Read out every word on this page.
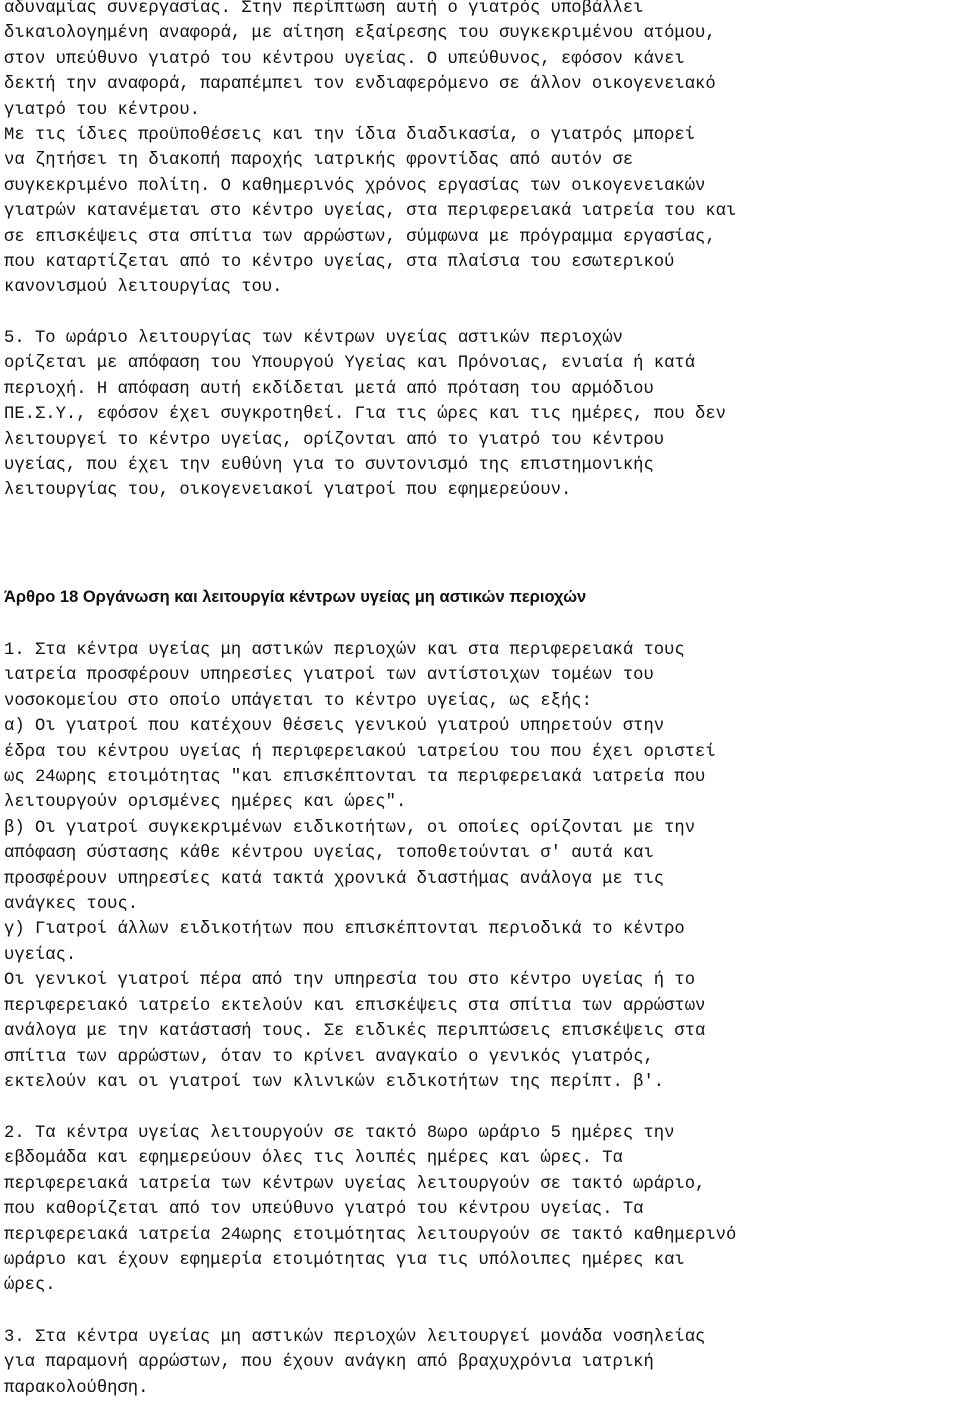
αδυναμίας συνεργασίας. Στην περίπτωση αυτή ο γιατρός υποβάλλει
δικαιολογημένη αναφορά, με αίτηση εξαίρεσης του συγκεκριμένου ατόμου,
στον υπεύθυνο γιατρό του κέντρου υγείας. Ο υπεύθυνος, εφόσον κάνει
δεκτή την αναφορά, παραπέμπει τον ενδιαφερόμενο σε άλλον οικογενειακό
γιατρό του κέντρου.
Με τις ίδιες προϋποθέσεις και την ίδια διαδικασία, ο γιατρός μπορεί
να ζητήσει τη διακοπή παροχής ιατρικής φροντίδας από αυτόν σε
συγκεκριμένο πολίτη. Ο καθημερινός χρόνος εργασίας των οικογενειακών
γιατρών κατανέμεται στο κέντρο υγείας, στα περιφερειακά ιατρεία του και
σε επισκέψεις στα σπίτια των αρρώστων, σύμφωνα με πρόγραμμα εργασίας,
που καταρτίζεται από το κέντρο υγείας, στα πλαίσια του εσωτερικού
κανονισμού λειτουργίας του.

5. Το ωράριο λειτουργίας των κέντρων υγείας αστικών περιοχών
ορίζεται με απόφαση του Υπουργού Υγείας και Πρόνοιας, ενιαία ή κατά
περιοχή. Η απόφαση αυτή εκδίδεται μετά από πρόταση του αρμόδιου
ΠΕ.Σ.Υ., εφόσον έχει συγκροτηθεί. Για τις ώρες και τις ημέρες, που δεν
λειτουργεί το κέντρο υγείας, ορίζονται από το γιατρό του κέντρου
υγείας, που έχει την ευθύνη για το συντονισμό της επιστημονικής
λειτουργίας του, οικογενειακοί γιατροί που εφημερεύουν.

Άρθρο 18 Οργάνωση και λειτουργία κέντρων υγείας μη αστικών περιοχών

1. Στα κέντρα υγείας μη αστικών περιοχών και στα περιφερειακά τους
ιατρεία προσφέρουν υπηρεσίες γιατροί των αντίστοιχων τομέων του
νοσοκομείου στο οποίο υπάγεται το κέντρο υγείας, ως εξής:
α) Οι γιατροί που κατέχουν θέσεις γενικού γιατρού υπηρετούν στην
έδρα του κέντρου υγείας ή περιφερειακού ιατρείου του που έχει οριστεί
ως 24ωρης ετοιμότητας "και επισκέπτονται τα περιφερειακά ιατρεία που
λειτουργούν ορισμένες ημέρες και ώρες".
β) Οι γιατροί συγκεκριμένων ειδικοτήτων, οι οποίες ορίζονται με την
απόφαση σύστασης κάθε κέντρου υγείας, τοποθετούνται σ' αυτά και
προσφέρουν υπηρεσίες κατά τακτά χρονικά διαστήμας ανάλογα με τις
ανάγκες τους.
γ) Γιατροί άλλων ειδικοτήτων που επισκέπτονται περιοδικά το κέντρο
υγείας.
Οι γενικοί γιατροί πέρα από την υπηρεσία του στο κέντρο υγείας ή το
περιφερειακό ιατρείο εκτελούν και επισκέψεις στα σπίτια των αρρώστων
ανάλογα με την κατάστασή τους. Σε ειδικές περιπτώσεις επισκέψεις στα
σπίτια των αρρώστων, όταν το κρίνει αναγκαίο ο γενικός γιατρός,
εκτελούν και οι γιατροί των κλινικών ειδικοτήτων της περίπτ. β'.

2. Τα κέντρα υγείας λειτουργούν σε τακτό 8ωρο ωράριο 5 ημέρες την
εβδομάδα και εφημερεύουν όλες τις λοιπές ημέρες και ώρες. Τα
περιφερειακά ιατρεία των κέντρων υγείας λειτουργούν σε τακτό ωράριο,
που καθορίζεται από τον υπεύθυνο γιατρό του κέντρου υγείας. Τα
περιφερειακά ιατρεία 24ωρης ετοιμότητας λειτουργούν σε τακτό καθημερινό
ωράριο και έχουν εφημερία ετοιμότητας για τις υπόλοιπες ημέρες και
ώρες.

3. Στα κέντρα υγείας μη αστικών περιοχών λειτουργεί μονάδα νοσηλείας
για παραμονή αρρώστων, που έχουν ανάγκη από βραχυχρόνια ιατρική
παρακολούθηση.
